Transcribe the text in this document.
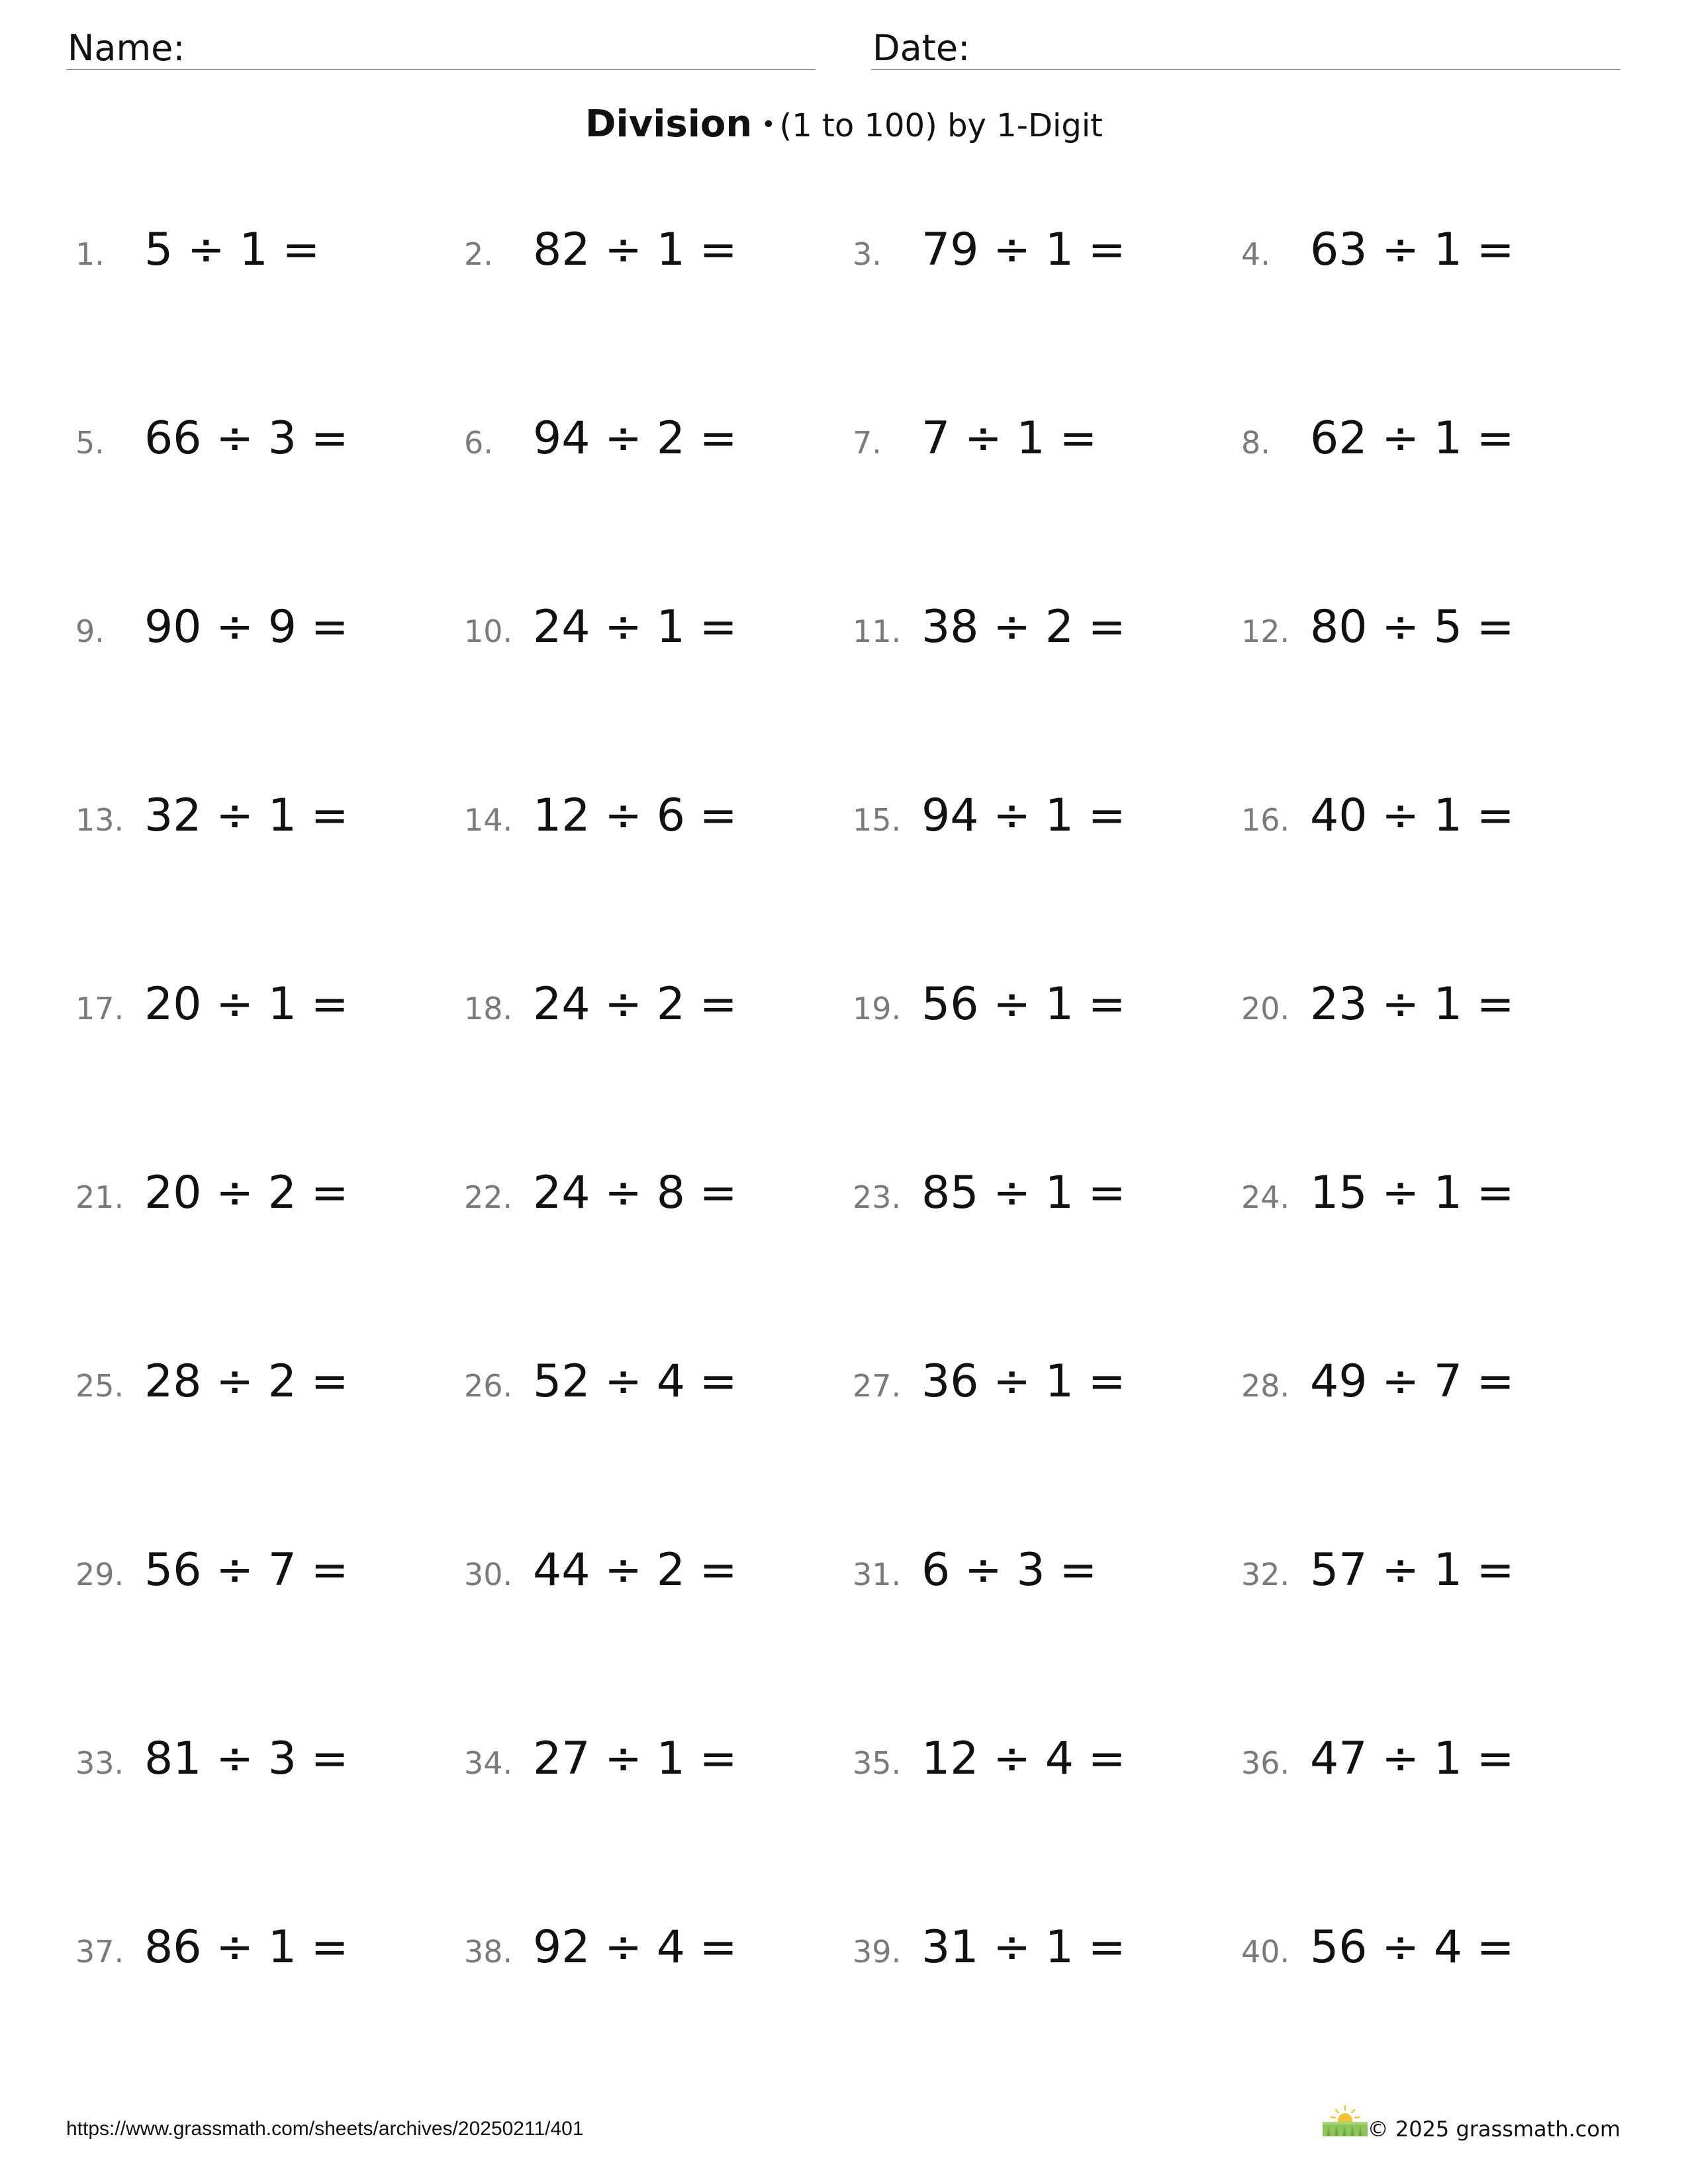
Name:	Date:
Division • (1 to 100) by 1-Digit
1. 5 ÷ 1 =	2. 82 ÷ 1 =	3. 79 ÷ 1 =	4. 63 ÷ 1 =
5. 66 ÷ 3 =	6. 94 ÷ 2 =	7. 7 ÷ 1 =	8. 62 ÷ 1 =
9. 90 ÷ 9 =	10. 24 ÷ 1 =	11. 38 ÷ 2 =	12. 80 ÷ 5 =
13. 32 ÷ 1 =	14. 12 ÷ 6 =	15. 94 ÷ 1 =	16. 40 ÷ 1 =
17. 20 ÷ 1 =	18. 24 ÷ 2 =	19. 56 ÷ 1 =	20. 23 ÷ 1 =
21. 20 ÷ 2 =	22. 24 ÷ 8 =	23. 85 ÷ 1 =	24. 15 ÷ 1 =
25. 28 ÷ 2 =	26. 52 ÷ 4 =	27. 36 ÷ 1 =	28. 49 ÷ 7 =
29. 56 ÷ 7 =	30. 44 ÷ 2 =	31. 6 ÷ 3 =	32. 57 ÷ 1 =
33. 81 ÷ 3 =	34. 27 ÷ 1 =	35. 12 ÷ 4 =	36. 47 ÷ 1 =
37. 86 ÷ 1 =	38. 92 ÷ 4 =	39. 31 ÷ 1 =	40. 56 ÷ 4 =
https://www.grassmath.com/sheets/archives/20250211/401	© 2025 grassmath.com
